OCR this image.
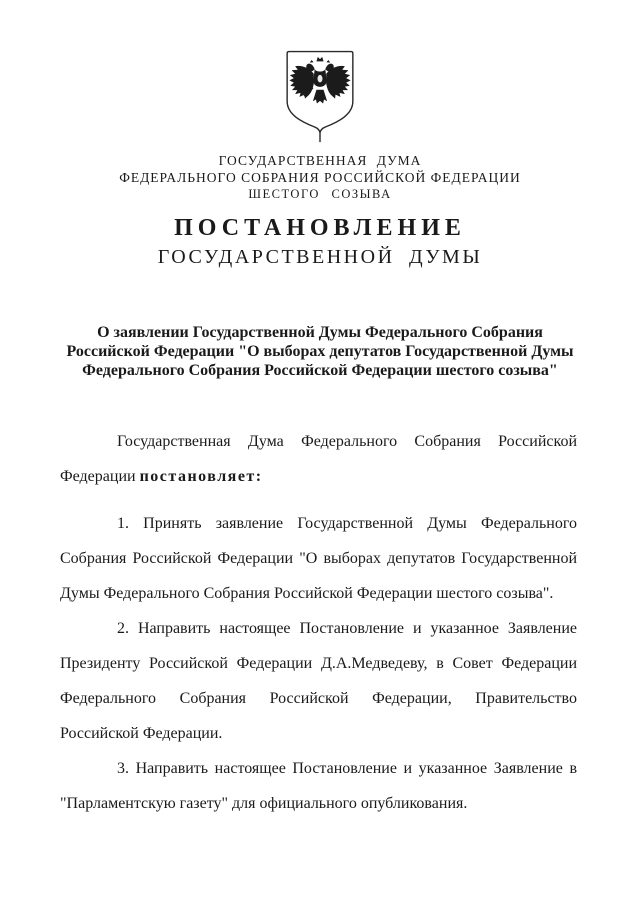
ГОСУДАРСТВЕННАЯ ДУМА
ФЕДЕРАЛЬНОГО СОБРАНИЯ РОССИЙСКОЙ ФЕДЕРАЦИИ
ШЕСТОГО СОЗЫВА
ПОСТАНОВЛЕНИЕ
ГОСУДАРСТВЕННОЙ ДУМЫ
О заявлении Государственной Думы Федерального Собрания
Российской Федерации "О выборах депутатов Государственной Думы
Федерального Собрания Российской Федерации шестого созыва"

Государственная Дума Федерального Собрания Российской Федерации постановляет:

1. Принять заявление Государственной Думы Федерального Собрания Российской Федерации "О выборах депутатов Государственной Думы Федерального Собрания Российской Федерации шестого созыва".

2. Направить настоящее Постановление и указанное Заявление Президенту Российской Федерации Д.А.Медведеву, в Совет Федерации Федерального Собрания Российской Федерации, Правительство Российской Федерации.

3. Направить настоящее Постановление и указанное Заявление в "Парламентскую газету" для официального опубликования.
